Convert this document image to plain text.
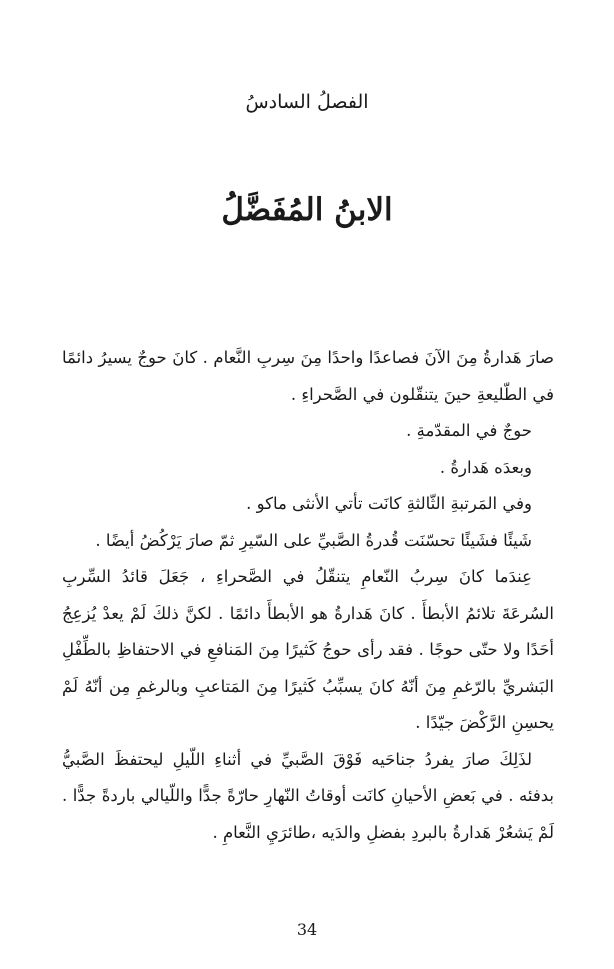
الفصلُ السادسُ
الابنُ المُفَضَّلُ

صارَ هَدارةُ مِنَ الآنَ فصاعدًا واحدًا مِنَ سِربِ النَّعام . كانَ حوجٌ يسيرُ دائمًا في الطّليعةِ حينَ يتنقّلون في الصَّحراءِ .

حوجٌ في المقدّمةِ .

وبعدَه هَدارةُ .

وفي المَرتبةِ الثّالثةِ كانَت تأتي الأنثى ماكو .

شَيئًا فشَيئًا تحسّنَت قُدرةُ الصَّبيِّ على السّيرِ ثمّ صارَ يَرْكُضُ أيضًا .

عِندَما كانَ سِربُ النّعامِ يتنقّلُ في الصَّحراءِ ، جَعَلَ قائدُ السِّربِ السُرعَةَ تلائمُ الأبطأَ . كانَ هَدارةُ هو الأبطأَ دائمًا . لكنَّ ذلكَ لَمْ يعدْ يُزعِجُ أحَدًا ولا حتّى حوجًا . فقد رأى حوجُ كَثيرًا مِنَ المَنافعِ في الاحتفاظِ بالطِّفْلِ البَشريِّ بالرّغمِ مِنَ أنّهُ كانَ يسبِّبُ كَثيرًا مِنَ المَتاعبِ وبالرغمِ مِن أنّهُ لَمْ يحسِنِ الرَّكْضَ جيّدًا .

لذَلِكَ صارَ يفردُ جناحَيه فَوْقَ الصَّبيِّ في أثناءِ اللّيلِ ليحتفظَ الصَّبيُّ بدفئه . في بَعضِ الأحيانِ كانَت أوقاتُ النّهارِ حارّةً جدًّا واللّيالي باردةً جدًّا . لَمْ يَشعُرْ هَدارةُ بالبردِ بفضلِ والدَيه ،طائرَيِ النَّعامِ .

34
